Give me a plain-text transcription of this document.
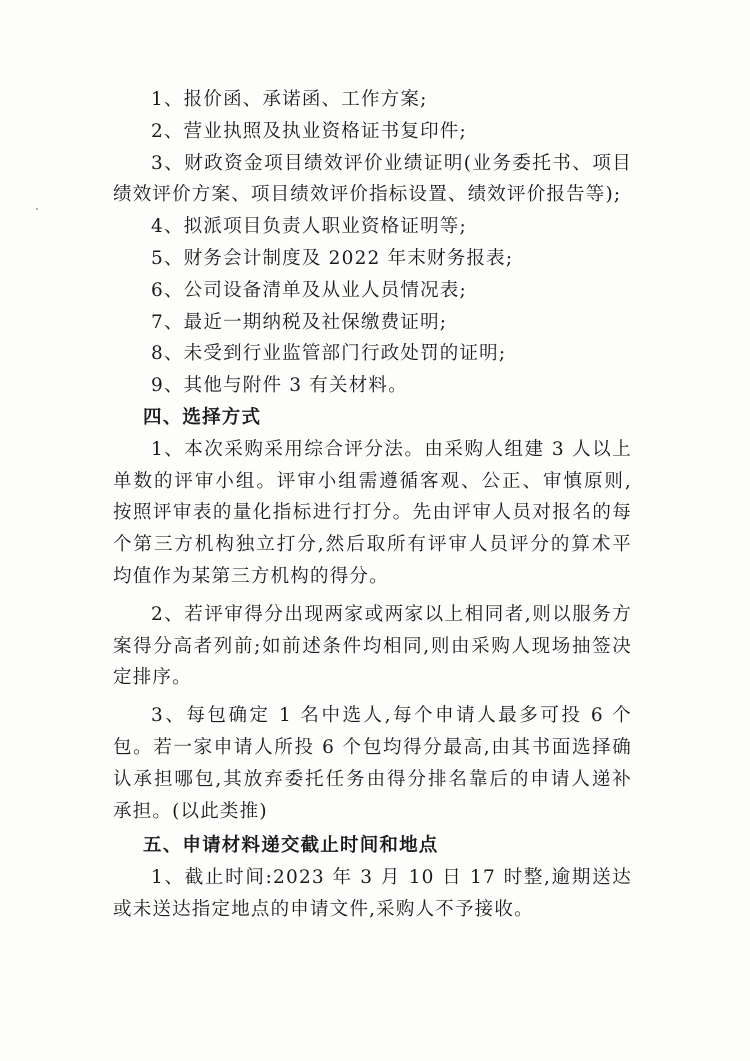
1、报价函、承诺函、工作方案;

2、营业执照及执业资格证书复印件;

3、财政资金项目绩效评价业绩证明(业务委托书、项目绩效评价方案、项目绩效评价指标设置、绩效评价报告等);

4、拟派项目负责人职业资格证明等;

5、财务会计制度及 2022 年末财务报表;

6、公司设备清单及从业人员情况表;

7、最近一期纳税及社保缴费证明;

8、未受到行业监管部门行政处罚的证明;

9、其他与附件 3 有关材料。

四、选择方式

1、本次采购采用综合评分法。由采购人组建 3 人以上单数的评审小组。评审小组需遵循客观、公正、审慎原则,按照评审表的量化指标进行打分。先由评审人员对报名的每个第三方机构独立打分,然后取所有评审人员评分的算术平均值作为某第三方机构的得分。

2、若评审得分出现两家或两家以上相同者,则以服务方案得分高者列前;如前述条件均相同,则由采购人现场抽签决定排序。

3、每包确定 1 名中选人,每个申请人最多可投 6 个包。若一家申请人所投 6 个包均得分最高,由其书面选择确认承担哪包,其放弃委托任务由得分排名靠后的申请人递补承担。(以此类推)

五、申请材料递交截止时间和地点

1、截止时间:2023 年 3 月 10 日 17 时整,逾期送达或未送达指定地点的申请文件,采购人不予接收。
